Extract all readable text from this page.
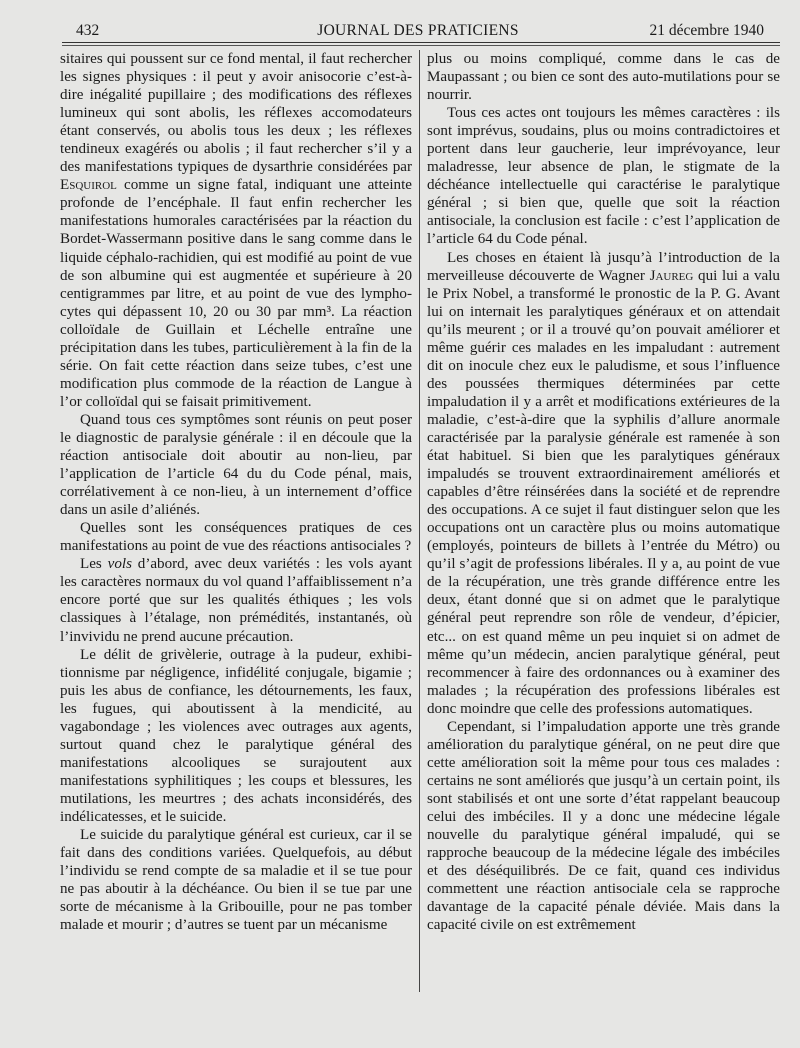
432	JOURNAL DES PRATICIENS	21 décembre 1940

sitaires qui poussent sur ce fond mental, il faut rechercher les signes physiques : il peut y avoir anisocorie c’est-à-dire inégalité pupillaire ; des modifications des réflexes lumineux qui sont abolis, les réflexes accomodateurs étant conservés, ou abolis tous les deux ; les réflexes tendineux exagérés ou abolis ; il faut rechercher s’il y a des manifestations typiques de dysarthrie considérées par Esquirol comme un signe fatal, indiquant une atteinte profonde de l’encéphale. Il faut enfin rechercher les manifestations humorales caractérisées par la réaction du Bordet-Wassermann positive dans le sang comme dans le liquide céphalo-rachidien, qui est modifié au point de vue de son albumine qui est augmentée et supérieure à 20 centigrammes par litre, et au point de vue des lymphocytes qui dépassent 10, 20 ou 30 par mm³. La réaction colloïdale de Guillain et Léchelle entraîne une précipitation dans les tubes, particulièrement à la fin de la série. On fait cette réaction dans seize tubes, c’est une modification plus commode de la réaction de Langue à l’or colloïdal qui se faisait primitivement.

Quand tous ces symptômes sont réunis on peut poser le diagnostic de paralysie générale : il en découle que la réaction antisociale doit aboutir au non-lieu, par l’application de l’article 64 du du Code pénal, mais, corrélativement à ce non-lieu, à un internement d’office dans un asile d’aliénés.

Quelles sont les conséquences pratiques de ces manifestations au point de vue des réactions antisociales ?

Les vols d’abord, avec deux variétés : les vols ayant les caractères normaux du vol quand l’affaiblissement n’a encore porté que sur les qualités éthiques ; les vols classiques à l’étalage, non prémédités, instantanés, où l’invividu ne prend aucune précaution.

Le délit de grivèlerie, outrage à la pudeur, exhibitionnisme par négligence, infidélité conjugale, bigamie ; puis les abus de confiance, les détournements, les faux, les fugues, qui aboutissent à la mendicité, au vagabondage ; les violences avec outrages aux agents, surtout quand chez le paralytique général des manifestations alcooliques se surajoutent aux manifestations syphilitiques ; les coups et blessures, les mutilations, les meurtres ; des achats inconsidérés, des indélicatesses, et le suicide.

Le suicide du paralytique général est curieux, car il se fait dans des conditions variées. Quelquefois, au début l’individu se rend compte de sa maladie et il se tue pour ne pas aboutir à la déchéance. Ou bien il se tue par une sorte de mécanisme à la Gribouille, pour ne pas tomber malade et mourir ; d’autres se tuent par un mécanisme

plus ou moins compliqué, comme dans le cas de Maupassant ; ou bien ce sont des auto-mutilations pour se nourrir.

Tous ces actes ont toujours les mêmes caractères : ils sont imprévus, soudains, plus ou moins contradictoires et portent dans leur gaucherie, leur imprévoyance, leur maladresse, leur absence de plan, le stigmate de la déchéance intellectuelle qui caractérise le paralytique général ; si bien que, quelle que soit la réaction antisociale, la conclusion est facile : c’est l’application de l’article 64 du Code pénal.

Les choses en étaient là jusqu’à l’introduction de la merveilleuse découverte de Wagner Jaureg qui lui a valu le Prix Nobel, a transformé le pronostic de la P. G. Avant lui on internait les paralytiques généraux et on attendait qu’ils meurent ; or il a trouvé qu’on pouvait améliorer et même guérir ces malades en les impaludant : autrement dit on inocule chez eux le paludisme, et sous l’influence des poussées thermiques déterminées par cette impaludation il y a arrêt et modifications extérieures de la maladie, c’est-à-dire que la syphilis d’allure anormale caractérisée par la paralysie générale est ramenée à son état habituel. Si bien que les paralytiques généraux impaludés se trouvent extraordinairement améliorés et capables d’être réinsérées dans la société et de reprendre des occupations. A ce sujet il faut distinguer selon que les occupations ont un caractère plus ou moins automatique (employés, pointeurs de billets à l’entrée du Métro) ou qu’il s’agit de professions libérales. Il y a, au point de vue de la récupération, une très grande différence entre les deux, étant donné que si on admet que le paralytique général peut reprendre son rôle de vendeur, d’épicier, etc... on est quand même un peu inquiet si on admet de même qu’un médecin, ancien paralytique général, peut recommencer à faire des ordonnances ou à examiner des malades ; la récupération des professions libérales est donc moindre que celle des professions automatiques.

Cependant, si l’impaludation apporte une très grande amélioration du paralytique général, on ne peut dire que cette amélioration soit la même pour tous ces malades : certains ne sont améliorés que jusqu’à un certain point, ils sont stabilisés et ont une sorte d’état rappelant beaucoup celui des imbéciles. Il y a donc une médecine légale nouvelle du paralytique général impaludé, qui se rapproche beaucoup de la médecine légale des imbéciles et des déséquilibrés. De ce fait, quand ces individus commettent une réaction antisociale cela se rapproche davantage de la capacité pénale déviée. Mais dans la capacité civile on est extrêmement
